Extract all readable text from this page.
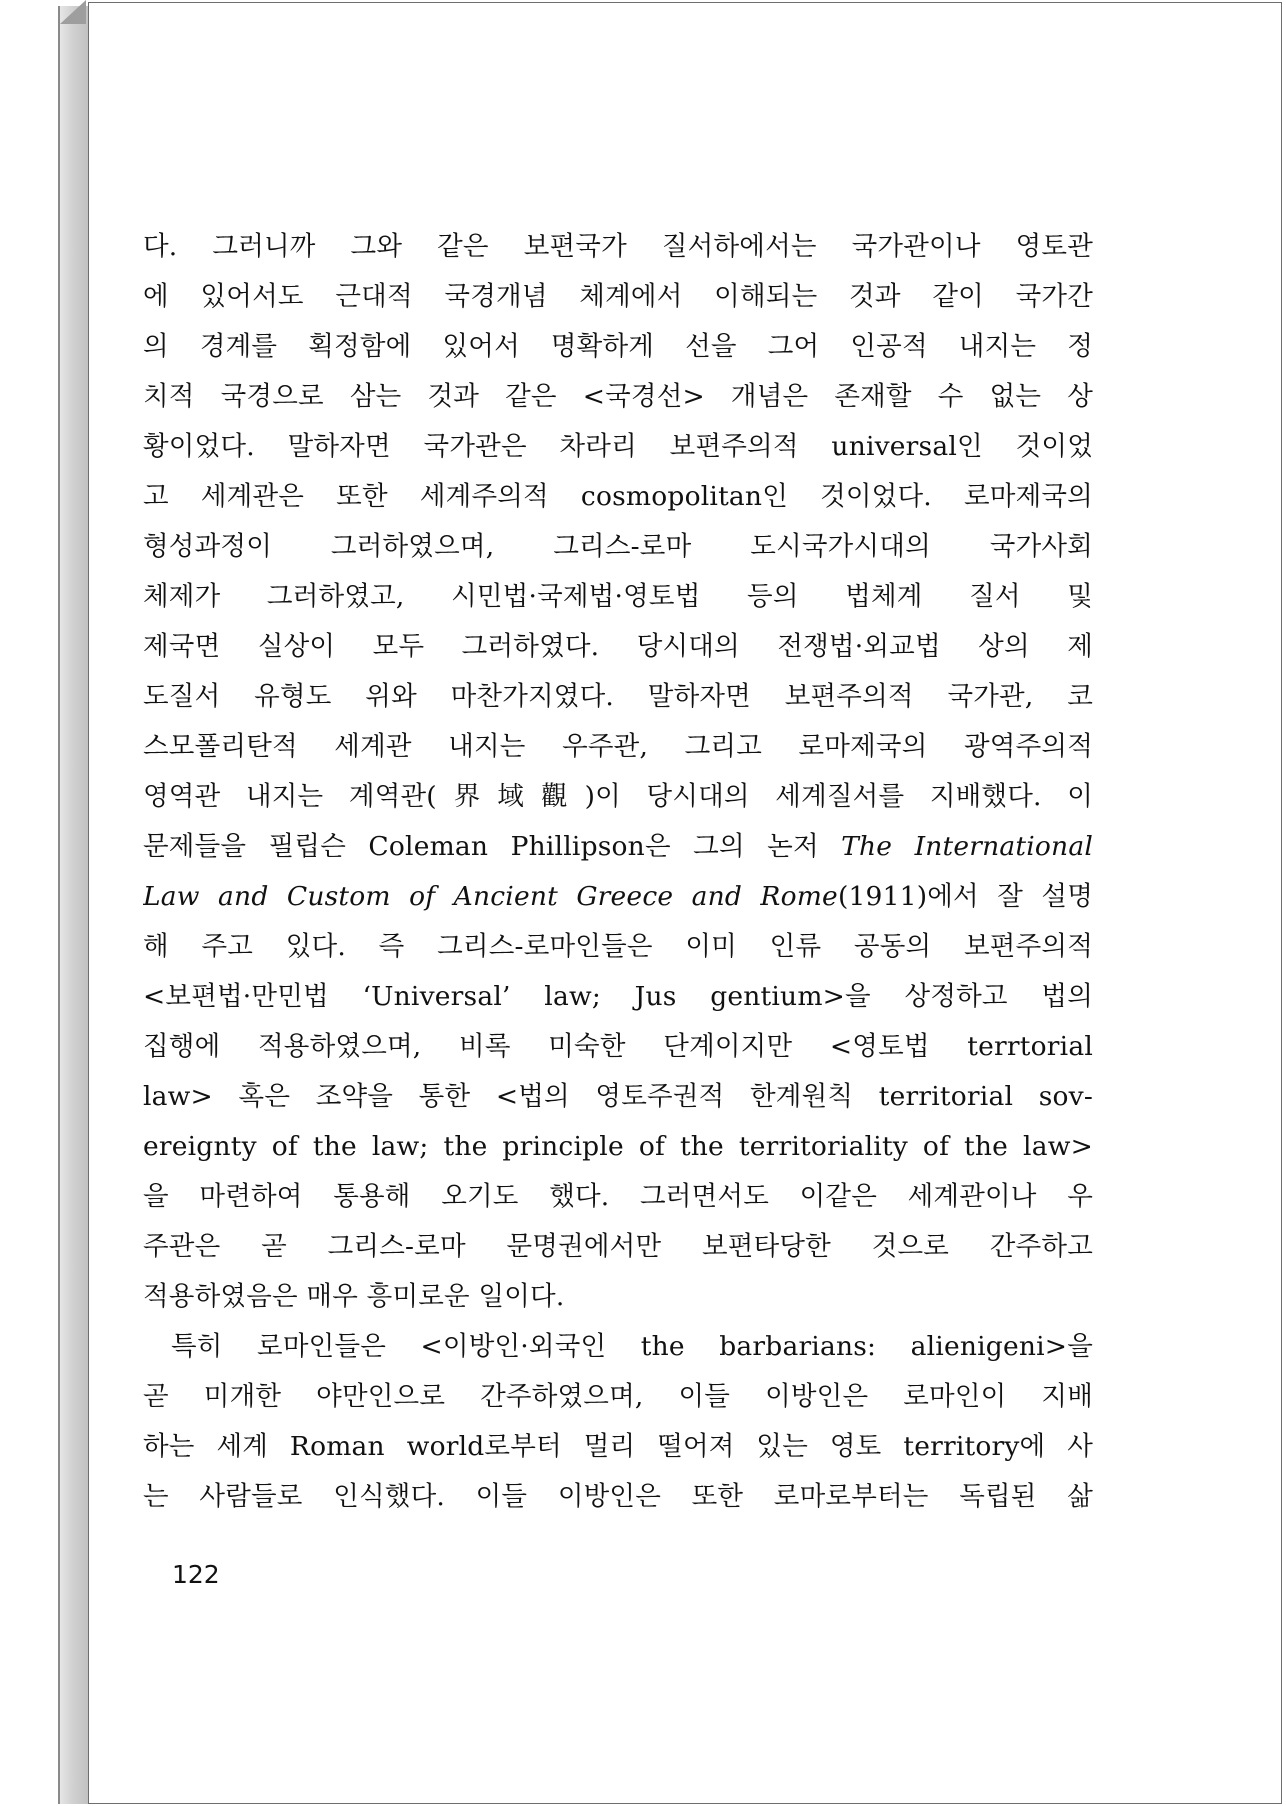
다. 그러니까 그와 같은 보편국가 질서하에서는 국가관이나 영토관
에 있어서도 근대적 국경개념 체계에서 이해되는 것과 같이 국가간
의 경계를 획정함에 있어서 명확하게 선을 그어 인공적 내지는 정
치적 국경으로 삼는 것과 같은 <국경선> 개념은 존재할 수 없는 상
황이었다. 말하자면 국가관은 차라리 보편주의적 universal인 것이었
고 세계관은 또한 세계주의적 cosmopolitan인 것이었다. 로마제국의
형성과정이 그러하였으며, 그리스-로마 도시국가시대의 국가사회
체제가 그러하였고, 시민법·국제법·영토법 등의 법체계 질서 및
제국면 실상이 모두 그러하였다. 당시대의 전쟁법·외교법 상의 제
도질서 유형도 위와 마찬가지였다. 말하자면 보편주의적 국가관, 코
스모폴리탄적 세계관 내지는 우주관, 그리고 로마제국의 광역주의적
영역관 내지는 계역관(界域觀)이 당시대의 세계질서를 지배했다. 이
문제들을 필립슨 Coleman Phillipson은 그의 논저 The International
Law and Custom of Ancient Greece and Rome(1911)에서 잘 설명
해 주고 있다. 즉 그리스-로마인들은 이미 인류 공동의 보편주의적
<보편법·만민법 ‘Universal’ law; Jus gentium>을 상정하고 법의
집행에 적용하였으며, 비록 미숙한 단계이지만 <영토법 terrtorial
law> 혹은 조약을 통한 <법의 영토주권적 한계원칙 territorial sov-
ereignty of the law; the principle of the territoriality of the law>
을 마련하여 통용해 오기도 했다. 그러면서도 이같은 세계관이나 우
주관은 곧 그리스-로마 문명권에서만 보편타당한 것으로 간주하고
적용하였음은 매우 흥미로운 일이다.
특히 로마인들은 <이방인·외국인 the barbarians: alienigeni>을
곧 미개한 야만인으로 간주하였으며, 이들 이방인은 로마인이 지배
하는 세계 Roman world로부터 멀리 떨어져 있는 영토 territory에 사
는 사람들로 인식했다. 이들 이방인은 또한 로마로부터는 독립된 삶
122
